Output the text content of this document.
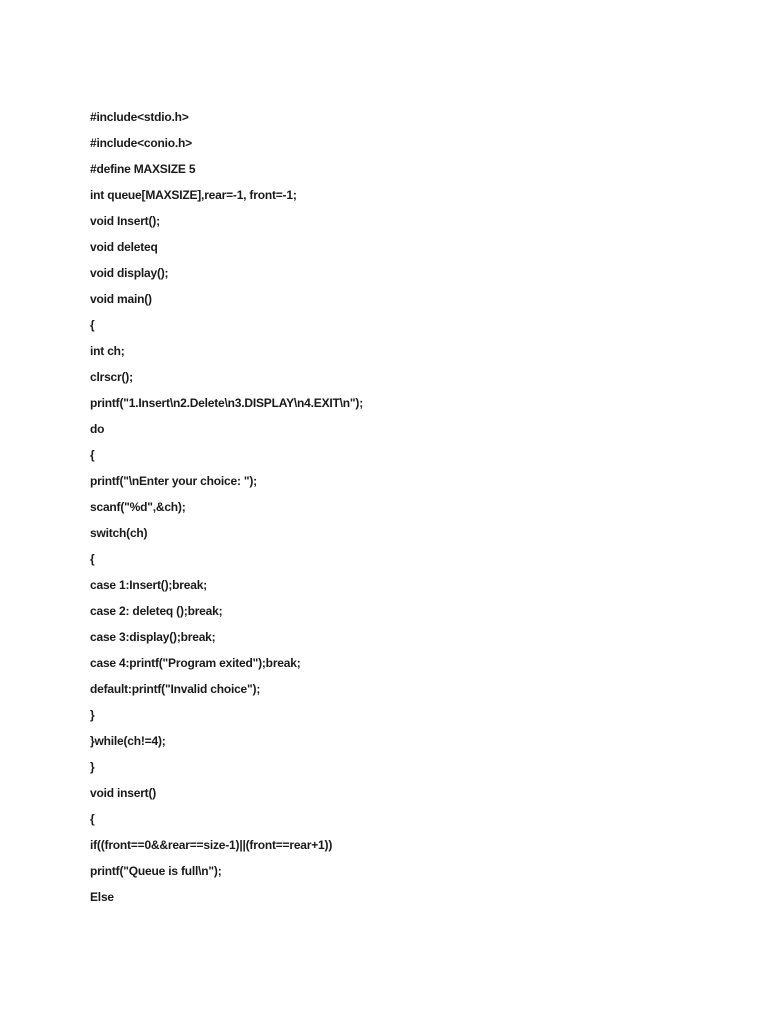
#include<stdio.h>
#include<conio.h>
#define MAXSIZE 5
int queue[MAXSIZE],rear=-1, front=-1;
void Insert();
void deleteq
void display();
void main()
{
int ch;
clrscr();
printf("1.Insert\n2.Delete\n3.DISPLAY\n4.EXIT\n");
do
{
printf("\nEnter your choice: ");
scanf("%d",&ch);
switch(ch)
{
case 1:Insert();break;
case 2: deleteq ();break;
case 3:display();break;
case 4:printf("Program exited");break;
default:printf("Invalid choice");
}
}while(ch!=4);
}
void insert()
{
if((front==0&&rear==size-1)||(front==rear+1))
printf("Queue is full\n");
Else
